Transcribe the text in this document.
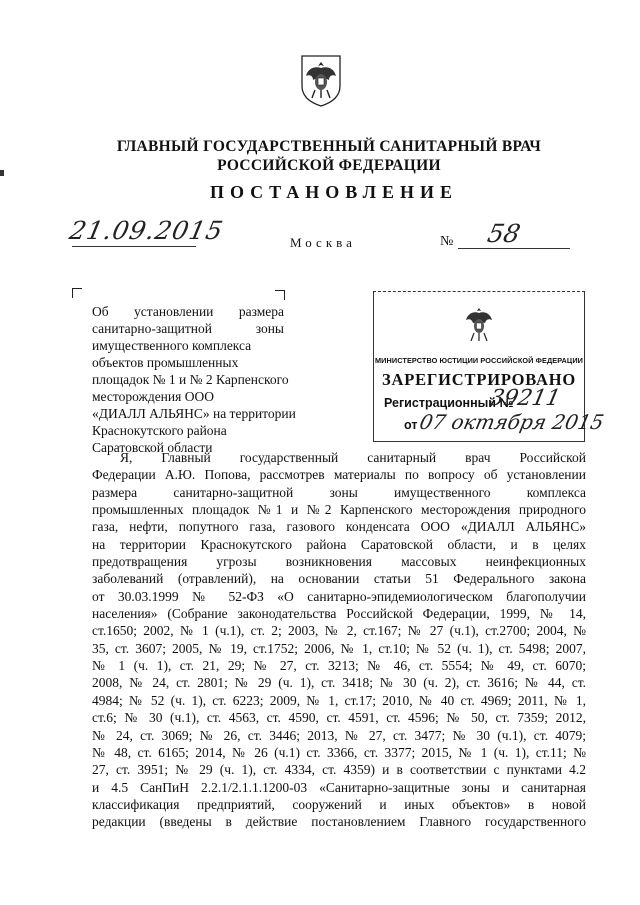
ГЛАВНЫЙ ГОСУДАРСТВЕННЫЙ САНИТАРНЫЙ ВРАЧ
РОССИЙСКОЙ ФЕДЕРАЦИИ
ПОСТАНОВЛЕНИЕ
21.09.2015	Москва	№ 58
Об установлении размера
санитарно-защитной зоны
имущественного комплекса
объектов промышленных
площадок № 1 и № 2 Карпенского
месторождения ООО
«ДИАЛЛ АЛЬЯНС» на территории
Краснокутского района
Саратовской области
МИНИСТЕРСТВО ЮСТИЦИИ РОССИЙСКОЙ ФЕДЕРАЦИИ
ЗАРЕГИСТРИРОВАНО
Регистрационный №
39211
от 07 октября 2015
Я, Главный государственный санитарный врач Российской
Федерации А.Ю. Попова, рассмотрев материалы по вопросу об установлении
размера санитарно-защитной зоны имущественного комплекса
промышленных площадок №1 и №2 Карпенского месторождения природного
газа, нефти, попутного газа, газового конденсата ООО «ДИАЛЛ АЛЬЯНС»
на территории Краснокутского района Саратовской области, и в целях
предотвращения угрозы возникновения массовых неинфекционных
заболеваний (отравлений), на основании статьи 51 Федерального закона
от 30.03.1999 № 52-ФЗ «О санитарно-эпидемиологическом благополучии
населения» (Собрание законодательства Российской Федерации, 1999, № 14,
ст.1650; 2002, № 1 (ч.1), ст. 2; 2003, № 2, ст.167; № 27 (ч.1), ст.2700; 2004, №
35, ст. 3607; 2005, № 19, ст.1752; 2006, № 1, ст.10; № 52 (ч. 1), ст. 5498; 2007,
№ 1 (ч. 1), ст. 21, 29; № 27, ст. 3213; № 46, ст. 5554; № 49, ст. 6070;
2008, № 24, ст. 2801; № 29 (ч. 1), ст. 3418; № 30 (ч. 2), ст. 3616; № 44, ст.
4984; № 52 (ч. 1), ст. 6223; 2009, № 1, ст.17; 2010, № 40 ст. 4969; 2011, № 1,
ст.6; № 30 (ч.1), ст. 4563, ст. 4590, ст. 4591, ст. 4596; № 50, ст. 7359; 2012,
№ 24, ст. 3069; № 26, ст. 3446; 2013, № 27, ст. 3477; № 30 (ч.1), ст. 4079;
№ 48, ст. 6165; 2014, № 26 (ч.1) ст. 3366, ст. 3377; 2015, № 1 (ч. 1), ст.11; №
27, ст. 3951; № 29 (ч. 1), ст. 4334, ст. 4359) и в соответствии с пунктами 4.2
и 4.5 СанПиН 2.2.1/2.1.1.1200-03 «Санитарно-защитные зоны и санитарная
классификация предприятий, сооружений и иных объектов» в новой
редакции (введены в действие постановлением Главного государственного
